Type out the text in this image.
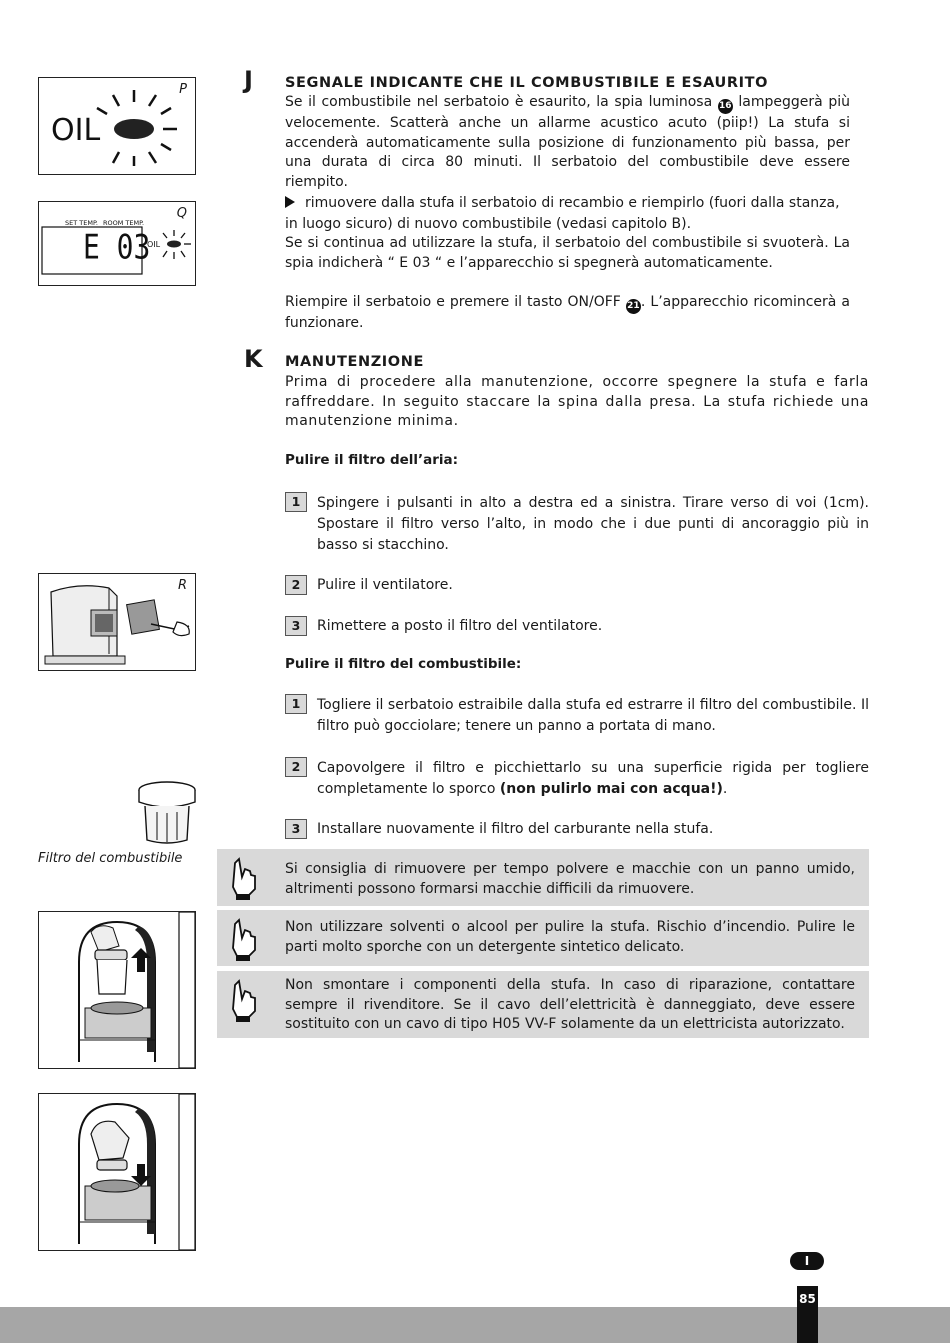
P
OIL
Q
SET TEMP. ROOM TEMP.
E 03
OIL
R
Filtro del combustibile
J SEGNALE INDICANTE CHE IL COMBUSTIBILE E ESAURITO
Se il combustibile nel serbatoio è esaurito, la spia luminosa 16 lampeggerà più velocemente. Scatterà anche un allarme acustico acuto (piip!) La stufa si accenderà automaticamente sulla posizione di funzionamento più bassa, per una durata di circa 80 minuti. Il serbatoio del combustibile deve essere riempito.
rimuovere dalla stufa il serbatoio di recambio e riempirlo (fuori dalla stanza, in luogo sicuro) di nuovo combustibile (vedasi capitolo B).
Se si continua ad utilizzare la stufa, il serbatoio del combustibile si svuoterà. La spia indicherà “ E 03 “ e l’apparecchio si spegnerà automaticamente.
Riempire il serbatoio e premere il tasto ON/OFF 21. L’apparecchio ricomincerà a funzionare.
K MANUTENZIONE
Prima di procedere alla manutenzione, occorre spegnere la stufa e farla raffreddare. In seguito staccare la spina dalla presa. La stufa richiede una manutenzione minima.
Pulire il filtro dell’aria:
1	Spingere i pulsanti in alto a destra ed a sinistra. Tirare verso di voi (1cm). Spostare il filtro verso l’alto, in modo che i due punti di ancoraggio più in basso si stacchino.
2	Pulire il ventilatore.
3	Rimettere a posto il filtro del ventilatore.
Pulire il filtro del combustibile:
1	Togliere il serbatoio estraibile dalla stufa ed estrarre il filtro del combustibile. Il filtro può gocciolare; tenere un panno a portata di mano.
2	Capovolgere il filtro e picchiettarlo su una superficie rigida per togliere completamente lo sporco (non pulirlo mai con acqua!).
3	Installare nuovamente il filtro del carburante nella stufa.
Si consiglia di rimuovere per tempo polvere e macchie con un panno umido, altrimenti possono formarsi macchie difficili da rimuovere.
Non utilizzare solventi o alcool per pulire la stufa. Rischio d’incendio. Pulire le parti molto sporche con un detergente sintetico delicato.
Non smontare i componenti della stufa. In caso di riparazione, contattare sempre il rivenditore. Se il cavo dell’elettricità è danneggiato, deve essere sostituito con un cavo di tipo H05 VV-F solamente da un elettricista autorizzato.
I
85
